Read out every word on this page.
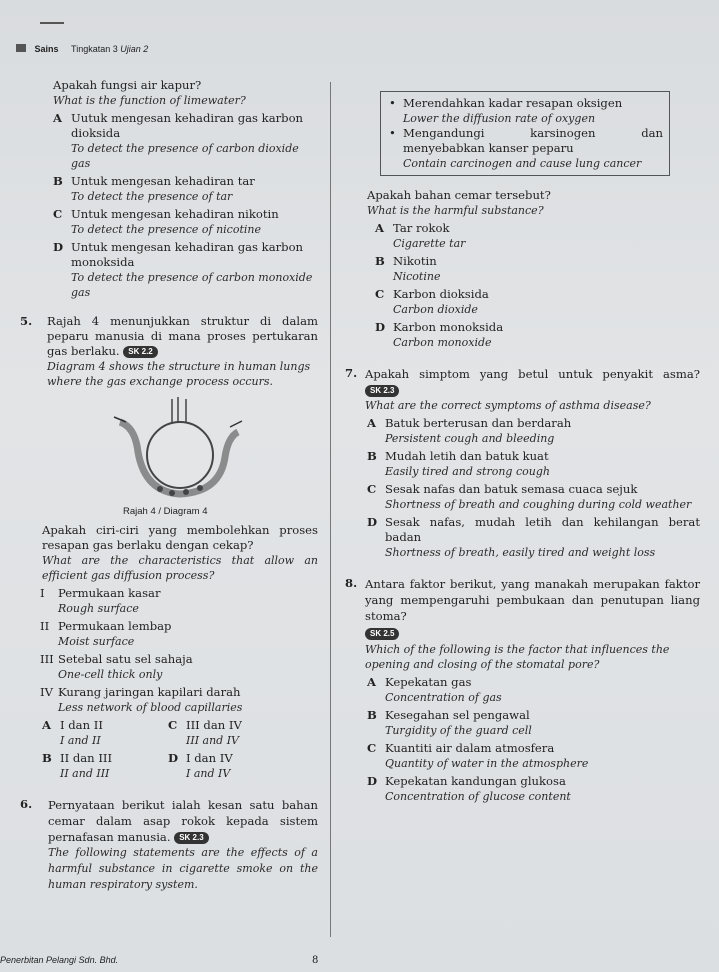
Sains Tingkatan 3 Ujian 2
Apakah fungsi air kapur?
What is the function of limewater?
A Uutuk mengesan kehadiran gas karbon dioksida
To detect the presence of carbon dioxide gas
B Untuk mengesan kehadiran tar
To detect the presence of tar
C Untuk mengesan kehadiran nikotin
To detect the presence of nicotine
D Untuk mengesan kehadiran gas karbon monoksida
To detect the presence of carbon monoxide gas
5. Rajah 4 menunjukkan struktur di dalam peparu manusia di mana proses pertukaran gas berlaku. SK 2.2
Diagram 4 shows the structure in human lungs where the gas exchange process occurs.
Rajah 4 / Diagram 4
Apakah ciri-ciri yang membolehkan proses resapan gas berlaku dengan cekap?
What are the characteristics that allow an efficient gas diffusion process?
I Permukaan kasar
Rough surface
II Permukaan lembap
Moist surface
III Setebal satu sel sahaja
One-cell thick only
IV Kurang jaringan kapilari darah
Less network of blood capillaries
A I dan II
I and II
C III dan IV
III and IV
B II dan III
II and III
D I dan IV
I and IV
6. Pernyataan berikut ialah kesan satu bahan cemar dalam asap rokok kepada sistem pernafasan manusia. SK 2.3
The following statements are the effects of a harmful substance in cigarette smoke on the human respiratory system.
• Merendahkan kadar resapan oksigen
Lower the diffusion rate of oxygen
• Mengandungi karsinogen dan menyebabkan kanser peparu
Contain carcinogen and cause lung cancer
Apakah bahan cemar tersebut?
What is the harmful substance?
A Tar rokok
Cigarette tar
B Nikotin
Nicotine
C Karbon dioksida
Carbon dioxide
D Karbon monoksida
Carbon monoxide
7. Apakah simptom yang betul untuk penyakit asma? SK 2.3
What are the correct symptoms of asthma disease?
A Batuk berterusan dan berdarah
Persistent cough and bleeding
B Mudah letih dan batuk kuat
Easily tired and strong cough
C Sesak nafas dan batuk semasa cuaca sejuk
Shortness of breath and coughing during cold weather
D Sesak nafas, mudah letih dan kehilangan berat badan
Shortness of breath, easily tired and weight loss
8. Antara faktor berikut, yang manakah merupakan faktor yang mempengaruhi pembukaan dan penutupan liang stoma?
SK 2.5
Which of the following is the factor that influences the opening and closing of the stomatal pore?
A Kepekatan gas
Concentration of gas
B Kesegahan sel pengawal
Turgidity of the guard cell
C Kuantiti air dalam atmosfera
Quantity of water in the atmosphere
D Kepekatan kandungan glukosa
Concentration of glucose content
Penerbitan Pelangi Sdn. Bhd.	8
